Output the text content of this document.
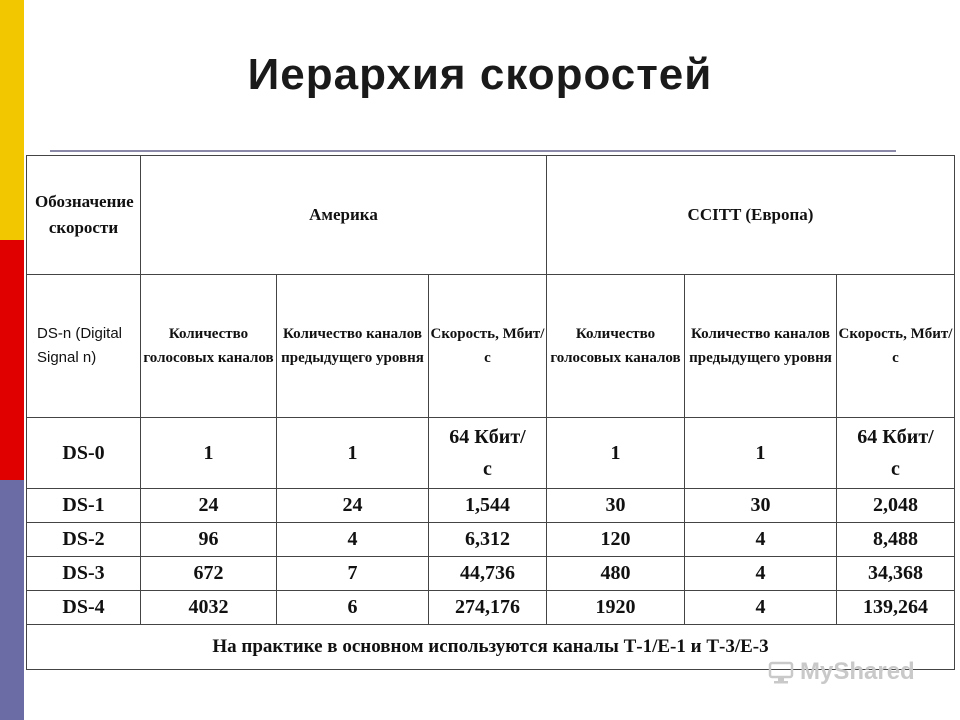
Иерархия скоростей
Обозначение скорости	Америка			CCITT (Европа)		
DS-n (Digital Signal n)	Количество голосовых каналов	Количество каналов предыдущего уровня	Скорость, Мбит/с	Количество голосовых каналов	Количество каналов предыдущего уровня	Скорость, Мбит/с
DS-0	1	1	64 Кбит/с	1	1	64 Кбит/с
DS-1	24	24	1,544	30	30	2,048
DS-2	96	4	6,312	120	4	8,488
DS-3	672	7	44,736	480	4	34,368
DS-4	4032	6	274,176	1920	4	139,264
На практике в основном используются каналы Т-1/Е-1 и Т-3/Е-3						
MyShared
